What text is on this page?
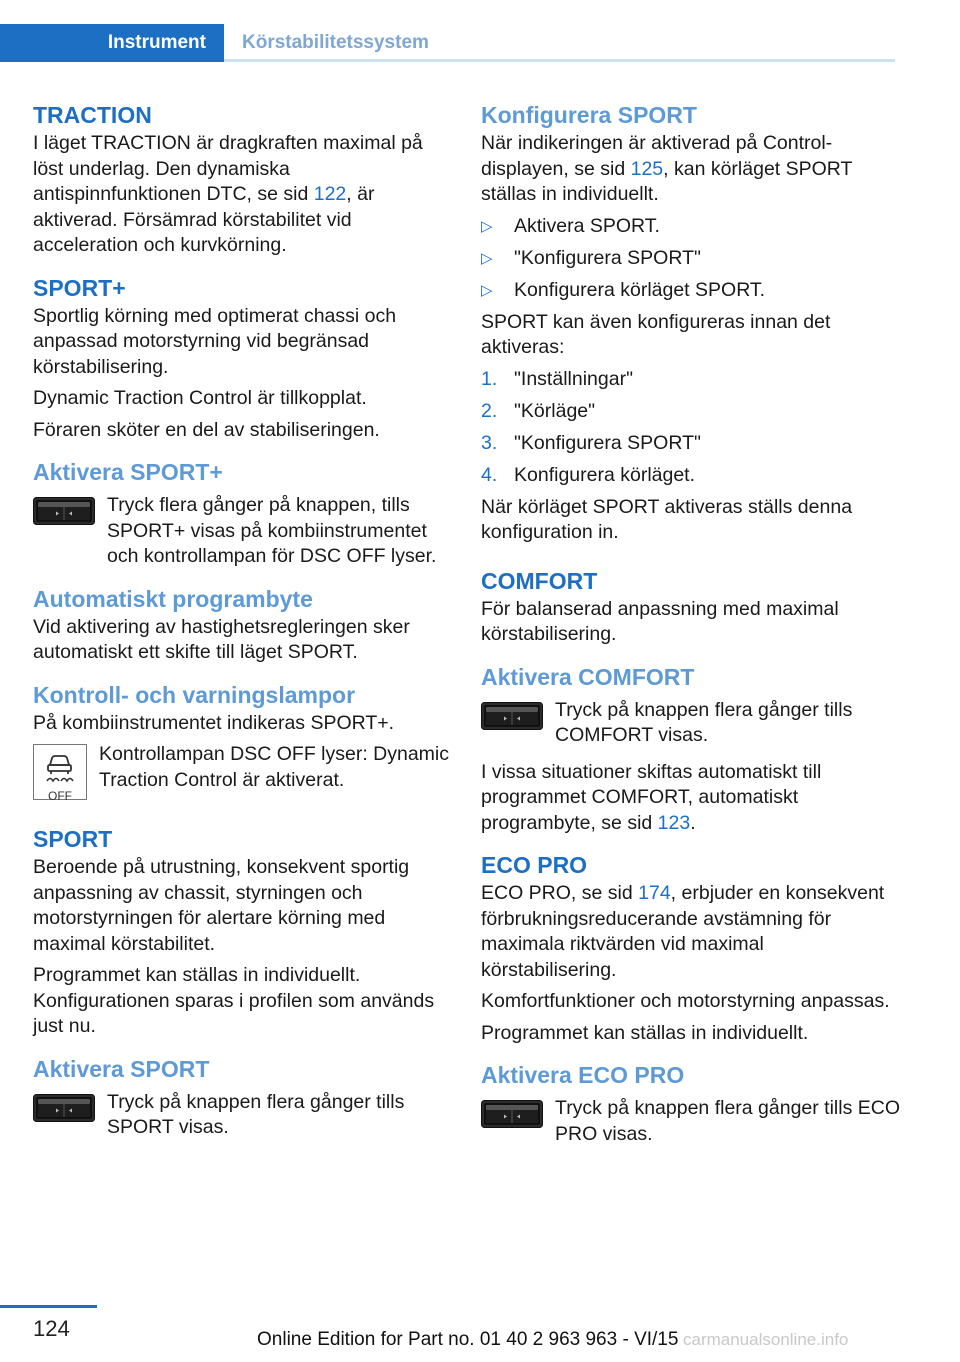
Instrument	Körstabilitetssystem
TRACTION

I läget TRACTION är dragkraften maximal på löst underlag. Den dynamiska antispinnfunktionen DTC, se sid 122, är aktiverad. Försämrad körstabilitet vid acceleration och kurvkörning.

SPORT+

Sportlig körning med optimerat chassi och anpassad motorstyrning vid begränsad körstabilisering.

Dynamic Traction Control är tillkopplat.

Föraren sköter en del av stabiliseringen.

Aktivera SPORT+
Tryck flera gånger på knappen, tills SPORT+ visas på kombiinstrumentet och kontrollampan för DSC OFF lyser.
Automatiskt programbyte

Vid aktivering av hastighetsregleringen sker automatiskt ett skifte till läget SPORT.

Kontroll- och varningslampor

På kombiinstrumentet indikeras SPORT+.

OFF
Kontrollampan DSC OFF lyser: Dynamic Traction Control är aktiverat.
SPORT

Beroende på utrustning, konsekvent sportig anpassning av chassit, styrningen och motorstyrningen för alertare körning med maximal körstabilitet.

Programmet kan ställas in individuellt. Konfigurationen sparas i profilen som används just nu.

Aktivera SPORT
Tryck på knappen flera gånger tills SPORT visas.
Konfigurera SPORT

När indikeringen är aktiverad på Control-displayen, se sid 125, kan körläget SPORT ställas in individuellt.

▷ Aktivera SPORT.
▷ "Konfigurera SPORT"
▷ Konfigurera körläget SPORT.

SPORT kan även konfigureras innan det aktiveras:

1. "Inställningar"
2. "Körläge"
3. "Konfigurera SPORT"
4. Konfigurera körläget.

När körläget SPORT aktiveras ställs denna konfiguration in.

COMFORT

För balanserad anpassning med maximal körstabilisering.

Aktivera COMFORT
Tryck på knappen flera gånger tills COMFORT visas.

I vissa situationer skiftas automatiskt till programmet COMFORT, automatiskt programbyte, se sid 123.

ECO PRO

ECO PRO, se sid 174, erbjuder en konsekvent förbrukningsreducerande avstämning för maximala riktvärden vid maximal körstabilisering.

Komfortfunktioner och motorstyrning anpassas.

Programmet kan ställas in individuellt.

Aktivera ECO PRO
Tryck på knappen flera gånger tills ECO PRO visas.
124	Online Edition for Part no. 01 40 2 963 963 - VI/15 carmanualsonline.info
